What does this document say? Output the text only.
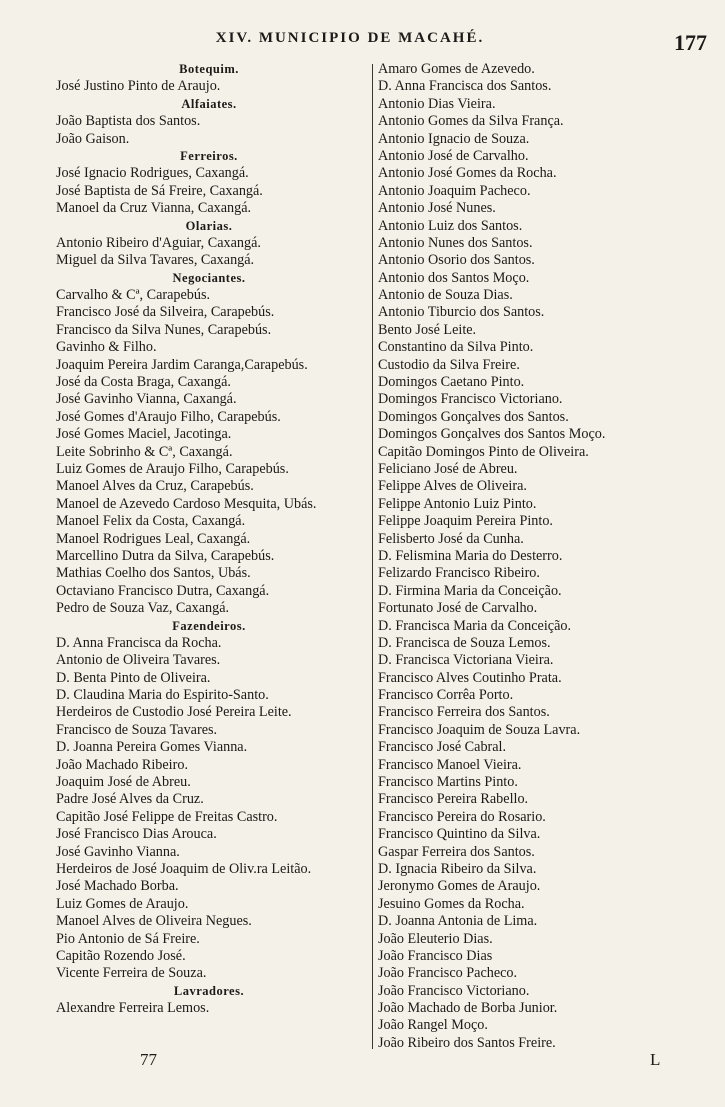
XIV. MUNICIPIO DE MACAHÉ.	177
Botequim.
José Justino Pinto de Araujo.
Alfaiates.
João Baptista dos Santos.
João Gaison.
Ferreiros.
José Ignacio Rodrigues, Caxangá.
José Baptista de Sá Freire, Caxangá.
Manoel da Cruz Vianna, Caxangá.
Olarias.
Antonio Ribeiro d'Aguiar, Caxangá.
Miguel da Silva Tavares, Caxangá.
Negociantes.
Carvalho & Cª, Carapebús.
Francisco José da Silveira, Carapebús.
Francisco da Silva Nunes, Carapebús.
Gavinho & Filho.
Joaquim Pereira Jardim Caranga,Carapebús.
José da Costa Braga, Caxangá.
José Gavinho Vianna, Caxangá.
José Gomes d'Araujo Filho, Carapebús.
José Gomes Maciel, Jacotinga.
Leite Sobrinho & Cª, Caxangá.
Luiz Gomes de Araujo Filho, Carapebús.
Manoel Alves da Cruz, Carapebús.
Manoel de Azevedo Cardoso Mesquita, Ubás.
Manoel Felix da Costa, Caxangá.
Manoel Rodrigues Leal, Caxangá.
Marcellino Dutra da Silva, Carapebús.
Mathias Coelho dos Santos, Ubás.
Octaviano Francisco Dutra, Caxangá.
Pedro de Souza Vaz, Caxangá.
Fazendeiros.
D. Anna Francisca da Rocha.
Antonio de Oliveira Tavares.
D. Benta Pinto de Oliveira.
D. Claudina Maria do Espirito-Santo.
Herdeiros de Custodio José Pereira Leite.
Francisco de Souza Tavares.
D. Joanna Pereira Gomes Vianna.
João Machado Ribeiro.
Joaquim José de Abreu.
Padre José Alves da Cruz.
Capitão José Felippe de Freitas Castro.
José Francisco Dias Arouca.
José Gavinho Vianna.
Herdeiros de José Joaquim de Oliv.ra Leitão.
José Machado Borba.
Luiz Gomes de Araujo.
Manoel Alves de Oliveira Negues.
Pio Antonio de Sá Freire.
Capitão Rozendo José.
Vicente Ferreira de Souza.
Lavradores.
Alexandre Ferreira Lemos.
Amaro Gomes de Azevedo.
D. Anna Francisca dos Santos.
Antonio Dias Vieira.
Antonio Gomes da Silva França.
Antonio Ignacio de Souza.
Antonio José de Carvalho.
Antonio José Gomes da Rocha.
Antonio Joaquim Pacheco.
Antonio José Nunes.
Antonio Luiz dos Santos.
Antonio Nunes dos Santos.
Antonio Osorio dos Santos.
Antonio dos Santos Moço.
Antonio de Souza Dias.
Antonio Tiburcio dos Santos.
Bento José Leite.
Constantino da Silva Pinto.
Custodio da Silva Freire.
Domingos Caetano Pinto.
Domingos Francisco Victoriano.
Domingos Gonçalves dos Santos.
Domingos Gonçalves dos Santos Moço.
Capitão Domingos Pinto de Oliveira.
Feliciano José de Abreu.
Felippe Alves de Oliveira.
Felippe Antonio Luiz Pinto.
Felippe Joaquim Pereira Pinto.
Felisberto José da Cunha.
D. Felismina Maria do Desterro.
Felizardo Francisco Ribeiro.
D. Firmina Maria da Conceição.
Fortunato José de Carvalho.
D. Francisca Maria da Conceição.
D. Francisca de Souza Lemos.
D. Francisca Victoriana Vieira.
Francisco Alves Coutinho Prata.
Francisco Corrêa Porto.
Francisco Ferreira dos Santos.
Francisco Joaquim de Souza Lavra.
Francisco José Cabral.
Francisco Manoel Vieira.
Francisco Martins Pinto.
Francisco Pereira Rabello.
Francisco Pereira do Rosario.
Francisco Quintino da Silva.
Gaspar Ferreira dos Santos.
D. Ignacia Ribeiro da Silva.
Jeronymo Gomes de Araujo.
Jesuino Gomes da Rocha.
D. Joanna Antonia de Lima.
João Eleuterio Dias.
João Francisco Dias
João Francisco Pacheco.
João Francisco Victoriano.
João Machado de Borba Junior.
João Rangel Moço.
João Ribeiro dos Santos Freire.
77	L
